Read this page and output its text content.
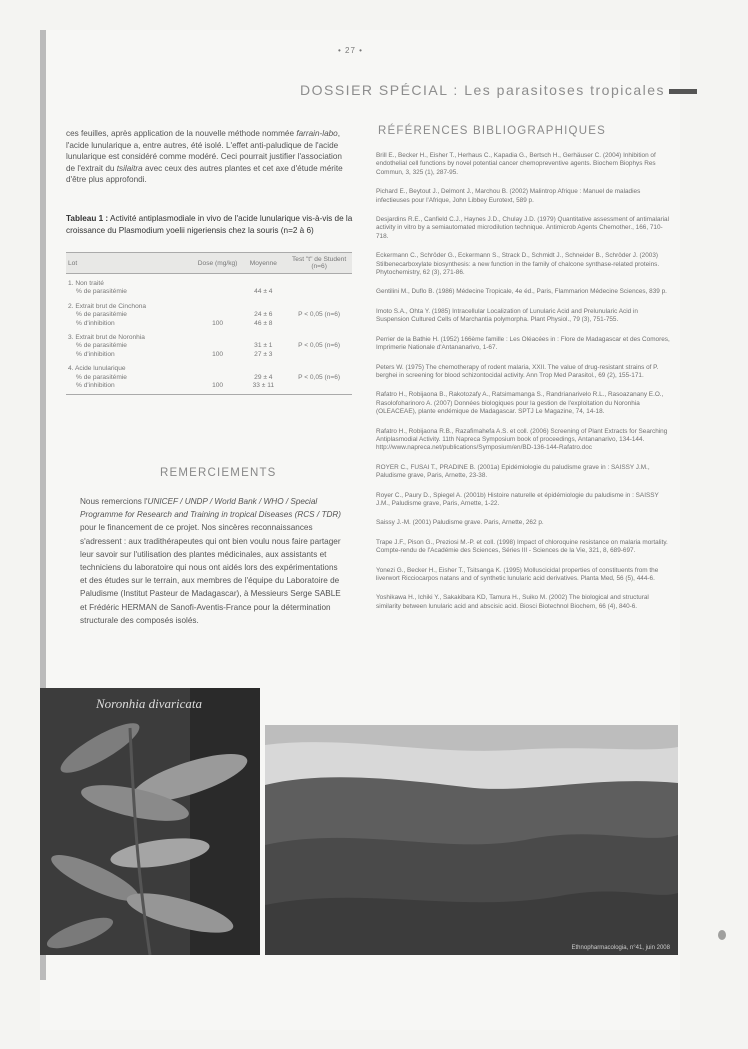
• 27 •
DOSSIER SPÉCIAL : Les parasitoses tropicales
ces feuilles, après application de la nouvelle méthode nommée farrain-labo, l'acide lunularique a, entre autres, été isolé. L'effet anti-paludique de l'acide lunularique est considéré comme modéré. Ceci pourrait justifier l'association de l'extrait du tsilaitra avec ceux des autres plantes et cet axe d'étude mérite d'être plus approfondi.
Tableau 1 : Activité antiplasmodiale in vivo de l'acide lunularique vis-à-vis de la croissance du Plasmodium yoelii nigeriensis chez la souris (n=2 à 6)
Lot	Dose (mg/kg)	Moyenne	Test "t" de Student (n=6)
1. Non traité			
% de parasitémie		44 ± 4	
2. Extrait brut de Cinchona			
% de parasitémie		24 ± 6	P < 0,05 (n=6)
% d'inhibition	100	46 ± 8	
3. Extrait brut de Noronhia			
% de parasitémie		31 ± 1	P < 0,05 (n=6)
% d'inhibition	100	27 ± 3	
4. Acide lunularique			
% de parasitémie		29 ± 4	P < 0,05 (n=6)
% d'inhibition	100	33 ± 11	
REMERCIEMENTS
Nous remercions l'UNICEF / UNDP / World Bank / WHO / Special Programme for Research and Training in tropical Diseases (RCS / TDR) pour le financement de ce projet. Nos sincères reconnaissances s'adressent : aux tradithérapeutes qui ont bien voulu nous faire partager leur savoir sur l'utilisation des plantes médicinales, aux assistants et techniciens du laboratoire qui nous ont aidés lors des expérimentations et des études sur le terrain, aux membres de l'équipe du Laboratoire de Paludisme (Institut Pasteur de Madagascar), à Messieurs Serge SABLE et Frédéric HERMAN de Sanofi-Aventis-France pour la détermination structurale des composés isolés.
RÉFÉRENCES BIBLIOGRAPHIQUES
Brill E., Becker H., Eisher T., Herhaus C., Kapadia G., Bertsch H., Gerhäuser C. (2004) Inhibition of endothelial cell functions by novel potential cancer chemopreventive agents. Biochem Biophys Res Commun, 3, 325 (1), 287-95.
Pichard E., Beytout J., Delmont J., Marchou B. (2002) Malintrop Afrique : Manuel de maladies infectieuses pour l'Afrique, John Libbey Eurotext, 589 p.
Desjardins R.E., Canfield C.J., Haynes J.D., Chulay J.D. (1979) Quantitative assessment of antimalarial activity in vitro by a semiautomated microdilution technique. Antimicrob Agents Chemother., 166, 710-718.
Eckermann C., Schröder G., Eckermann S., Strack D., Schmidt J., Schneider B., Schröder J. (2003) Stilbenecarboxylate biosynthesis: a new function in the family of chalcone synthase-related proteins. Phytochemistry, 62 (3), 271-86.
Gentilini M., Duflo B. (1986) Médecine Tropicale, 4e éd., Paris, Flammarion Médecine Sciences, 839 p.
Imoto S.A., Ohta Y. (1985) Intracellular Localization of Lunularic Acid and Prelunularic Acid in Suspension Cultured Cells of Marchantia polymorpha. Plant Physiol., 79 (3), 751-755.
Perrier de la Bathie H. (1952) 166ème famille : Les Oléacées in : Flore de Madagascar et des Comores, Imprimerie Nationale d'Antananarivo, 1-67.
Peters W. (1975) The chemotherapy of rodent malaria, XXII. The value of drug-resistant strains of P. berghei in screening for blood schizontocidal activity. Ann Trop Med Parasitol., 69 (2), 155-171.
Rafatro H., Robijaona B., Rakotozafy A., Ratsimamanga S., Randrianarivelo R.L., Rasoazanany E.O., Rasolofoharinoro A. (2007) Données biologiques pour la gestion de l'exploitation du Noronhia (OLEACEAE), plante endémique de Madagascar. SPTJ Le Magazine, 74, 14-18.
Rafatro H., Robijaona R.B., Razafimahefa A.S. et coll. (2006) Screening of Plant Extracts for Searching Antiplasmodial Activity. 11th Napreca Symposium book of proceedings, Antananarivo, 134-144. http://www.napreca.net/publications/Symposium/en/BD-136-144-Rafatro.doc
ROYER C., FUSAI T., PRADINE B. (2001a) Epidémiologie du paludisme grave in : SAISSY J.M., Paludisme grave, Paris, Arnette, 23-38.
Royer C., Paury D., Spiegel A. (2001b) Histoire naturelle et épidémiologie du paludisme in : SAISSY J.M., Paludisme grave, Paris, Arnette, 1-22.
Saissy J.-M. (2001) Paludisme grave. Paris, Arnette, 262 p.
Trape J.F., Pison G., Preziosi M.-P. et coll. (1998) Impact of chloroquine resistance on malaria mortality. Compte-rendu de l'Académie des Sciences, Séries III - Sciences de la Vie, 321, 8, 689-697.
Yonezi G., Becker H., Eisher T., Tsitsanga K. (1995) Molluscicidal properties of constituents from the liverwort Ricciocarpos natans and of synthetic lunularic acid derivatives. Planta Med, 56 (5), 444-6.
Yoshikawa H., Ichiki Y., Sakakibara KD, Tamura H., Suiko M. (2002) The biological and structural similarity between lunularic acid and abscisic acid. Biosci Biotechnol Biochem, 66 (4), 840-6.
Noronhia divaricata
Ethnopharmacologia, n°41, juin 2008
